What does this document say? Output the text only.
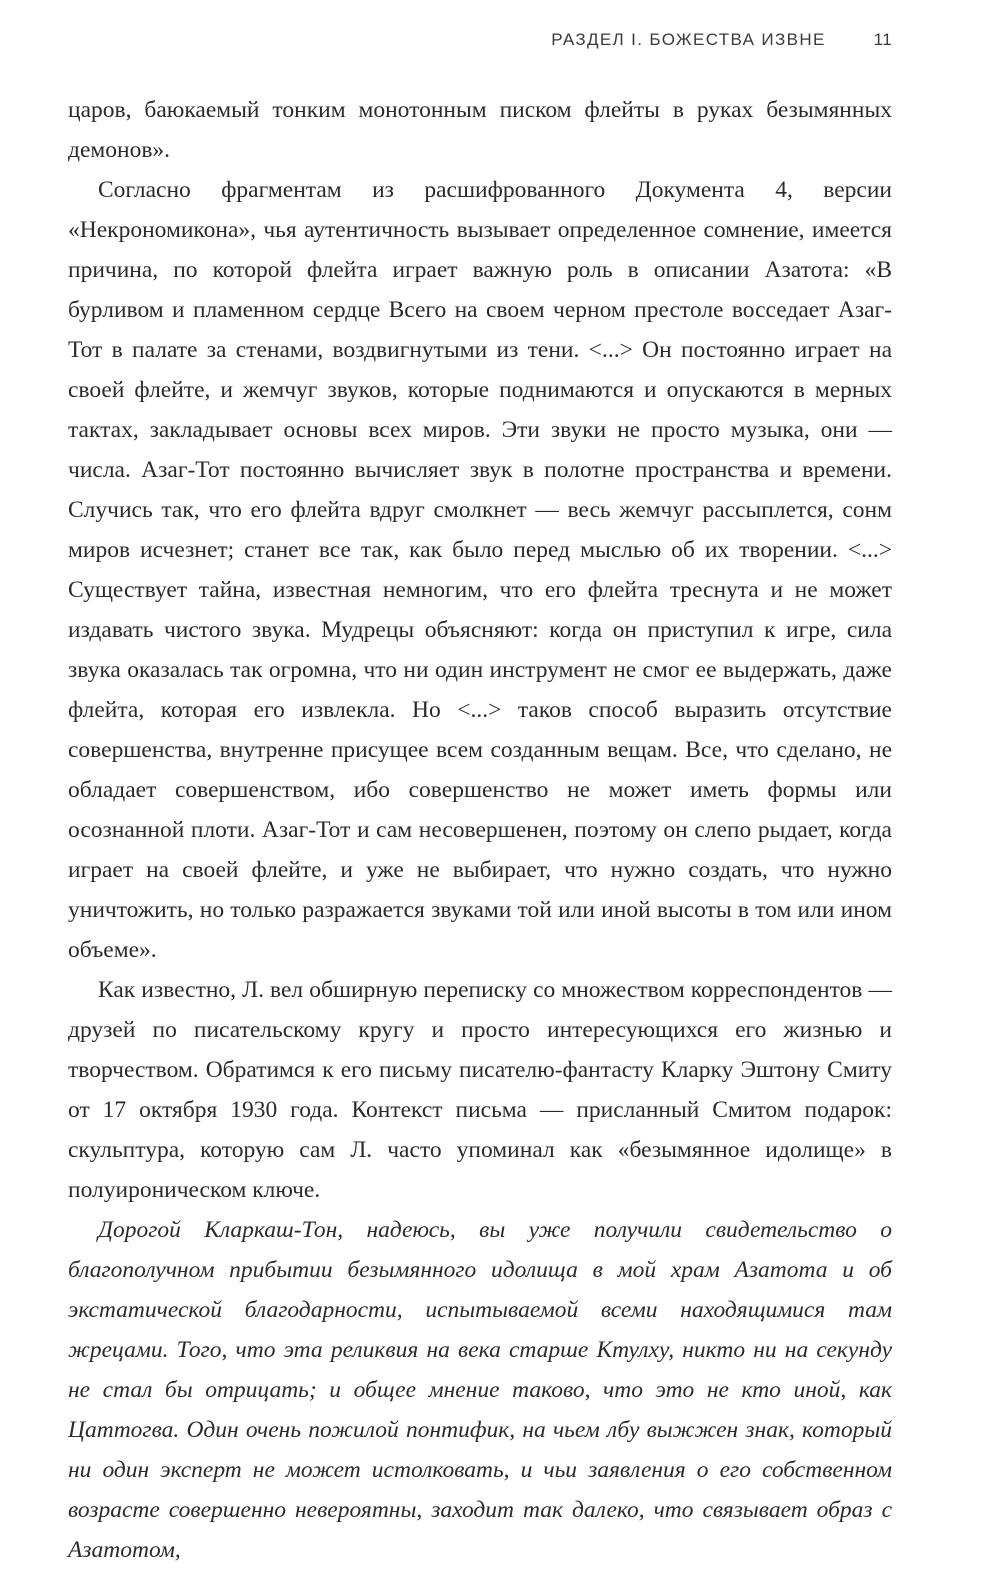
РАЗДЕЛ I. БОЖЕСТВА ИЗВНЕ	11

царов, баюкаемый тонким монотонным писком флейты в руках безымянных демонов».

Согласно фрагментам из расшифрованного Документа 4, версии «Некрономикона», чья аутентичность вызывает определенное сомнение, имеется причина, по которой флейта играет важную роль в описании Азатота: «В бурливом и пламенном сердце Всего на своем черном престоле восседает Азаг-Тот в палате за стенами, воздвигнутыми из тени. <...> Он постоянно играет на своей флейте, и жемчуг звуков, которые поднимаются и опускаются в мерных тактах, закладывает основы всех миров. Эти звуки не просто музыка, они — числа. Азаг-Тот постоянно вычисляет звук в полотне пространства и времени. Случись так, что его флейта вдруг смолкнет — весь жемчуг рассыплется, сонм миров исчезнет; станет все так, как было перед мыслью об их творении. <...> Существует тайна, известная немногим, что его флейта треснута и не может издавать чистого звука. Мудрецы объясняют: когда он приступил к игре, сила звука оказалась так огромна, что ни один инструмент не смог ее выдержать, даже флейта, которая его извлекла. Но <...> таков способ выразить отсутствие совершенства, внутренне присущее всем созданным вещам. Все, что сделано, не обладает совершенством, ибо совершенство не может иметь формы или осознанной плоти. Азаг-Тот и сам несовершенен, поэтому он слепо рыдает, когда играет на своей флейте, и уже не выбирает, что нужно создать, что нужно уничтожить, но только разражается звуками той или иной высоты в том или ином объеме».

Как известно, Л. вел обширную переписку со множеством корреспондентов — друзей по писательскому кругу и просто интересующихся его жизнью и творчеством. Обратимся к его письму писателю-фантасту Кларку Эштону Смиту от 17 октября 1930 года. Контекст письма — присланный Смитом подарок: скульптура, которую сам Л. часто упоминал как «безымянное идолище» в полуироническом ключе.

Дорогой Кларкаш-Тон, надеюсь, вы уже получили свидетельство о благополучном прибытии безымянного идолища в мой храм Азатота и об экстатической благодарности, испытываемой всеми находящимися там жрецами. Того, что эта реликвия на века старше Ктулху, никто ни на секунду не стал бы отрицать; и общее мнение таково, что это не кто иной, как Цаттогва. Один очень пожилой понтифик, на чьем лбу выжжен знак, который ни один эксперт не может истолковать, и чьи заявления о его собственном возрасте совершенно невероятны, заходит так далеко, что связывает образ с Азатотом,
